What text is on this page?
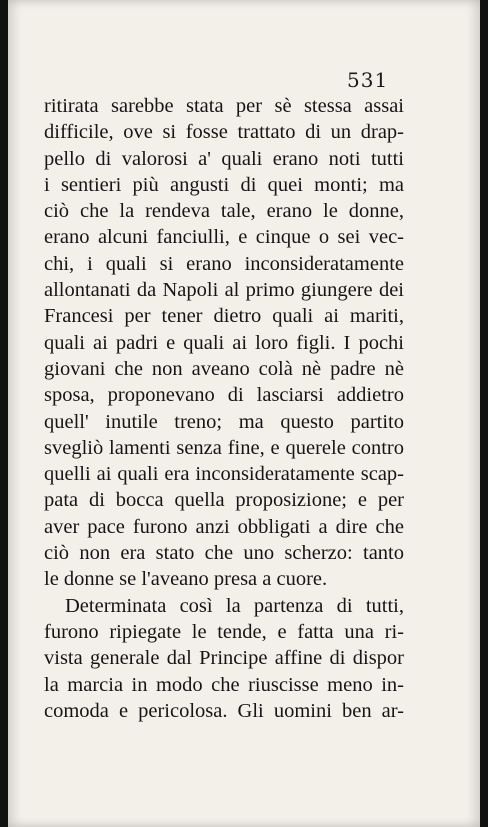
531
ritirata sarebbe stata per sè stessa assai
difficile, ove si fosse trattato di un drap-
pello di valorosi a' quali erano noti tutti
i sentieri più angusti di quei monti; ma
ciò che la rendeva tale, erano le donne,
erano alcuni fanciulli, e cinque o sei vec-
chi, i quali si erano inconsideratamente
allontanati da Napoli al primo giungere dei
Francesi per tener dietro quali ai mariti,
quali ai padri e quali ai loro figli. I pochi
giovani che non aveano colà nè padre nè
sposa, proponevano di lasciarsi addietro
quell' inutile treno; ma questo partito
svegliò lamenti senza fine, e querele contro
quelli ai quali era inconsideratamente scap-
pata di bocca quella proposizione; e per
aver pace furono anzi obbligati a dire che
ciò non era stato che uno scherzo: tanto
le donne se l'aveano presa a cuore.
Determinata così la partenza di tutti,
furono ripiegate le tende, e fatta una ri-
vista generale dal Principe affine di dispor
la marcia in modo che riuscisse meno in-
comoda e pericolosa. Gli uomini ben ar-
